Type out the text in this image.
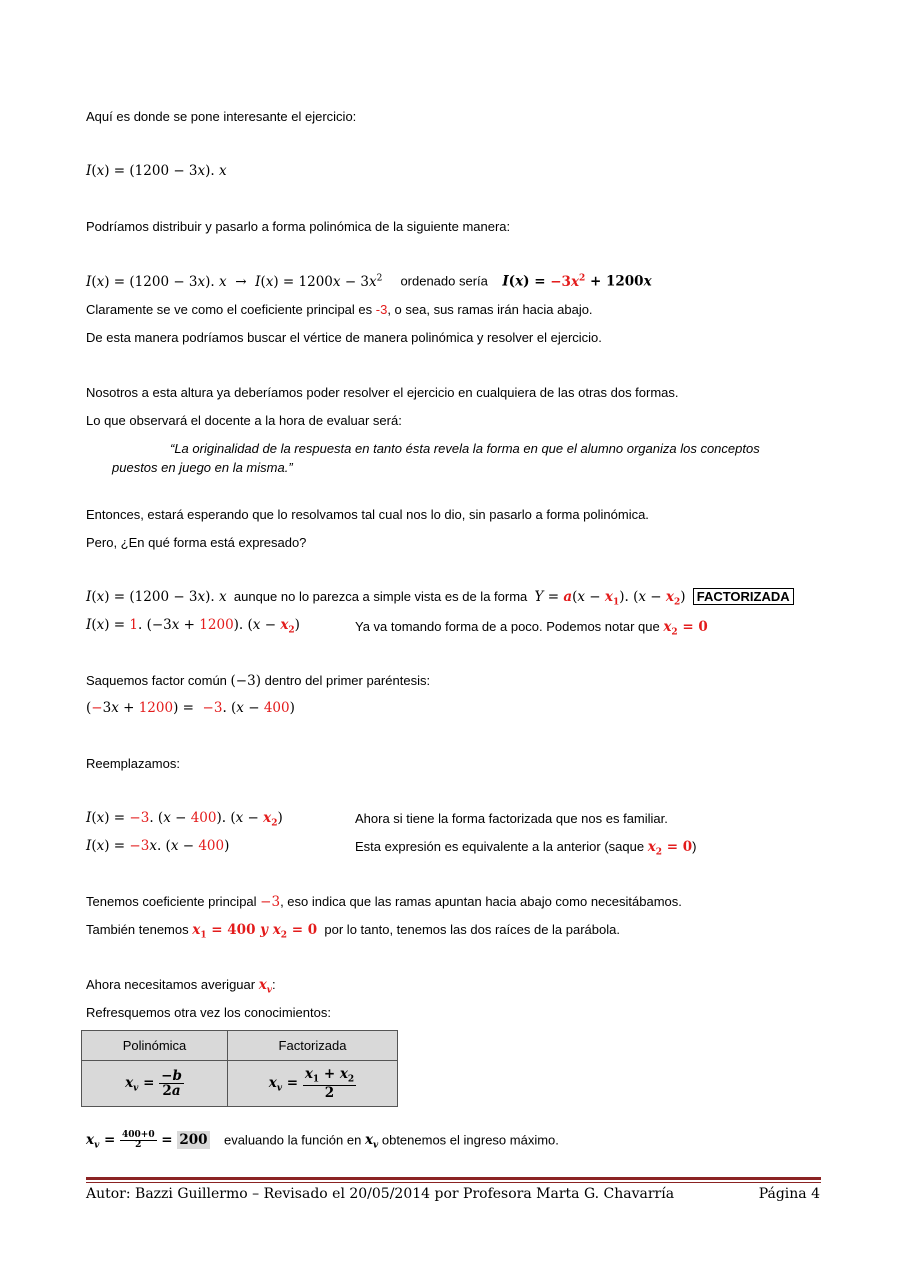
Aquí es donde se pone interesante el ejercicio:
I(x) = (1200 − 3x). x
Podríamos distribuir y pasarlo a forma polinómica de la siguiente manera:
I(x) = (1200 − 3x). $x \to I(x) = 1200x - 3x^2$ ordenado sería $I(x) = -3x^2 + 1200x$
Claramente se ve como el coeficiente principal es -3, o sea, sus ramas irán hacia abajo.
De esta manera podríamos buscar el vértice de manera polinómica y resolver el ejercicio.
Nosotros a esta altura ya deberíamos poder resolver el ejercicio en cualquiera de las otras dos formas.
Lo que observará el docente a la hora de evaluar será:
“La originalidad de la respuesta en tanto ésta revela la forma en que el alumno organiza los conceptos
puestos en juego en la misma.”
Entonces, estará esperando que lo resolvamos tal cual nos lo dio, sin pasarlo a forma polinómica.
Pero, ¿En qué forma está expresado?
I(x) = (1200 − 3x). x aunque no lo parezca a simple vista es de la forma $Y = a(x - x_1)$. $(x - x_2)$ FACTORIZADA
I(x) = 1. (−3x + 1200). $(x - x_2)$	Ya va tomando forma de a poco. Podemos notar que $x_2 = 0$
Saquemos factor común (−3) dentro del primer paréntesis:
(−3x + 1200) =  −3. (x − 400)
Reemplazamos:
I(x) = −3. (x − 400). $(x - x_2)$	Ahora si tiene la forma factorizada que nos es familiar.
I(x) = −3x. (x − 400)	Esta expresión es equivalente a la anterior (saque $x_2 = 0$)
Tenemos coeficiente principal −3, eso indica que las ramas apuntan hacia abajo como necesitábamos.
También tenemos $x_1 = 400$ y $x_2 = 0$ por lo tanto, tenemos las dos raíces de la parábola.
Ahora necesitamos averiguar $x_v$:
Refresquemos otra vez los conocimientos:
Polinómica	Factorizada
$x_v = \frac{-b}{2a}$	$x_v = \frac{x_1 + x_2}{2}$
$x_v = \frac{400+0}{2} = 200$ evaluando la función en $x_v$ obtenemos el ingreso máximo.
Autor: Bazzi Guillermo – Revisado el 20/05/2014 por Profesora Marta G. Chavarría	Página 4
